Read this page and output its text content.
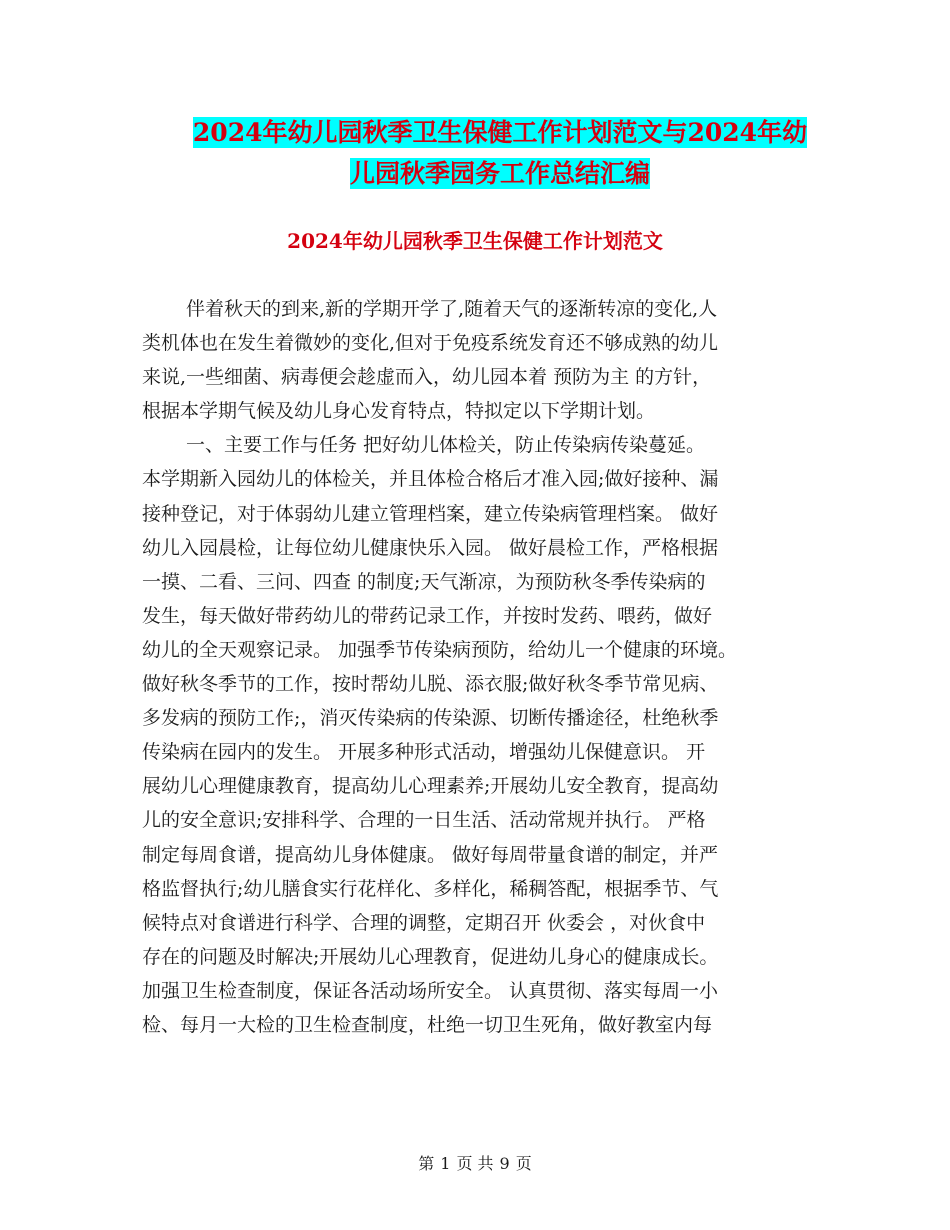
2024年幼儿园秋季卫生保健工作计划范文与2024年幼
儿园秋季园务工作总结汇编
2024年幼儿园秋季卫生保健工作计划范文
伴着秋天的到来,新的学期开学了,随着天气的逐渐转凉的变化,人
类机体也在发生着微妙的变化,但对于免疫系统发育还不够成熟的幼儿
来说,一些细菌、病毒便会趁虚而入，幼儿园本着 预防为主 的方针，
根据本学期气候及幼儿身心发育特点，特拟定以下学期计划。
一、主要工作与任务 把好幼儿体检关，防止传染病传染蔓延。
本学期新入园幼儿的体检关，并且体检合格后才准入园;做好接种、漏
接种登记，对于体弱幼儿建立管理档案，建立传染病管理档案。 做好
幼儿入园晨检，让每位幼儿健康快乐入园。 做好晨检工作，严格根据
一摸、二看、三问、四查 的制度;天气渐凉，为预防秋冬季传染病的
发生，每天做好带药幼儿的带药记录工作，并按时发药、喂药，做好
幼儿的全天观察记录。 加强季节传染病预防，给幼儿一个健康的环境。
做好秋冬季节的工作，按时帮幼儿脱、添衣服;做好秋冬季节常见病、
多发病的预防工作;，消灭传染病的传染源、切断传播途径，杜绝秋季
传染病在园内的发生。 开展多种形式活动，增强幼儿保健意识。 开
展幼儿心理健康教育，提高幼儿心理素养;开展幼儿安全教育，提高幼
儿的安全意识;安排科学、合理的一日生活、活动常规并执行。 严格
制定每周食谱，提高幼儿身体健康。 做好每周带量食谱的制定，并严
格监督执行;幼儿膳食实行花样化、多样化，稀稠答配，根据季节、气
候特点对食谱进行科学、合理的调整，定期召开 伙委会 ，对伙食中
存在的问题及时解决;开展幼儿心理教育，促进幼儿身心的健康成长。
加强卫生检查制度，保证各活动场所安全。 认真贯彻、落实每周一小
检、每月一大检的卫生检查制度，杜绝一切卫生死角，做好教室内每
第 1 页 共 9 页
